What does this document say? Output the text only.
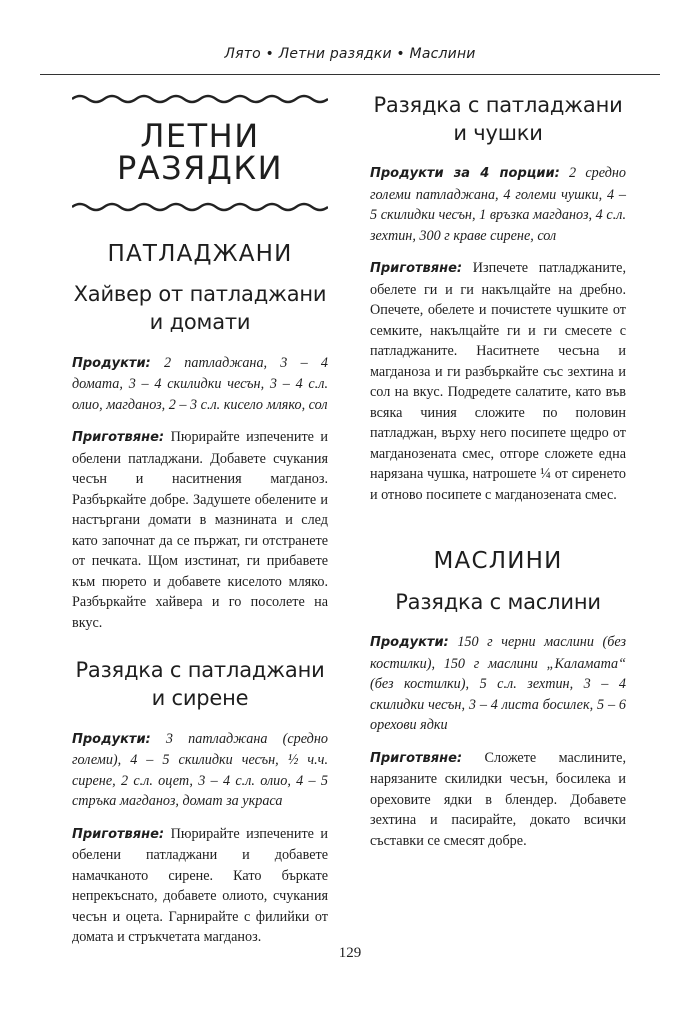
Лято • Летни разядки • Маслини
ЛЕТНИ РАЗЯДКИ
ПАТЛАДЖАНИ
Хайвер от патладжани
и домати

Продукти: 2 патладжана, 3 – 4 домата, 3 – 4 скилидки чесън, 3 – 4 с.л. олио, магданоз, 2 – 3 с.л. кисело мляко, сол

Приготвяне: Пюрирайте изпечените и обелени патладжани. Добавете счукания чесън и наситнения магданоз. Разбъркайте добре. Задушете обелените и настъргани домати в мазнината и след като започнат да се пържат, ги отстранете от печката. Щом изстинат, ги прибавете към пюрето и добавете киселото мляко. Разбъркайте хайвера и го посолете на вкус.

Разядка с патладжани
и сирене

Продукти: 3 патладжана (средно големи), 4 – 5 скилидки чесън, ½ ч.ч. сирене, 2 с.л. оцет, 3 – 4 с.л. олио, 4 – 5 стръка магданоз, домат за украса

Приготвяне: Пюрирайте изпечените и обелени патладжани и добавете намачканото сирене. Като бъркате непрекъснато, добавете олиото, счукания чесън и оцета. Гарнирайте с филийки от домата и стръкчетата магданоз.

Разядка с патладжани
и чушки

Продукти за 4 порции: 2 средно големи патладжана, 4 големи чушки, 4 – 5 скилидки чесън, 1 връзка магданоз, 4 с.л. зехтин, 300 г краве сирене, сол

Приготвяне: Изпечете патладжаните, обелете ги и ги накълцайте на дребно. Опечете, обелете и почистете чушките от семките, накълцайте ги и ги смесете с патладжаните. Наситнете чесъна и магданоза и ги разбъркайте със зехтина и сол на вкус. Подредете салатите, като във всяка чиния сложите по половин патладжан, върху него посипете щедро от магданозената смес, отгоре сложете една нарязана чушка, натрошете ¼ от сиренето и отново посипете с магданозената смес.

МАСЛИНИ
Разядка с маслини

Продукти: 150 г черни маслини (без костилки), 150 г маслини „Каламата“ (без костилки), 5 с.л. зехтин, 3 – 4 скилидки чесън, 3 – 4 листа босилек, 5 – 6 орехови ядки

Приготвяне: Сложете маслините, нарязаните скилидки чесън, босилека и ореховите ядки в блендер. Добавете зехтина и пасирайте, докато всички съставки се смесят добре.

129
